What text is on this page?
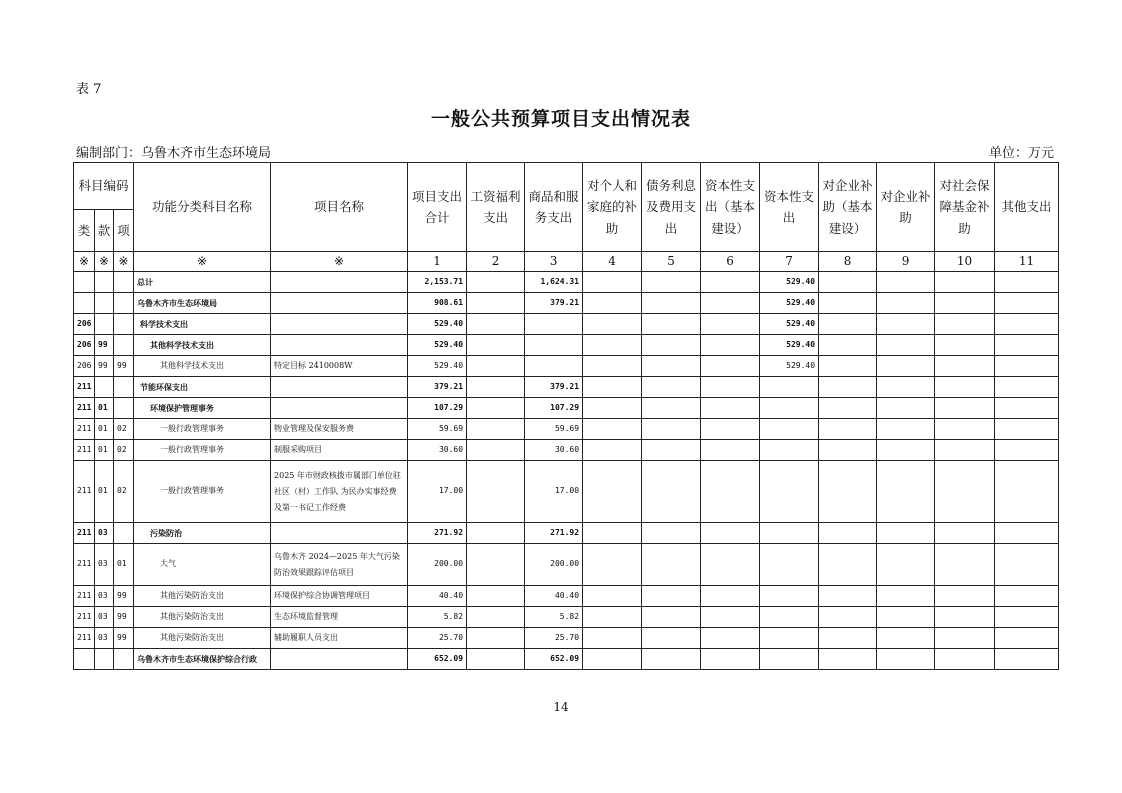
表 7
一般公共预算项目支出情况表
编制部门：乌鲁木齐市生态环境局	单位：万元
科目编码			功能分类科目名称	项目名称	项目支出合计	工资福利支出	商品和服务支出	对个人和家庭的补助	债务利息及费用支出	资本性支出（基本建设）	资本性支出	对企业补助（基本建设）	对企业补助	对社会保障基金补助	其他支出
类	款	项													
※	※	※	※	※	1	2	3	4	5	6	7	8	9	10	11
			总计		2,153.71		1,624.31				529.40				
			乌鲁木齐市生态环境局		908.61		379.21				529.40				
206			科学技术支出		529.40						529.40				
206	99		其他科学技术支出		529.40						529.40				
206	99	99	其他科学技术支出	特定目标 2410008W	529.40						529.40				
211			节能环保支出		379.21		379.21								
211	01		环境保护管理事务		107.29		107.29								
211	01	02	一般行政管理事务	物业管理及保安服务费	59.69		59.69								
211	01	02	一般行政管理事务	制服采购项目	30.60		30.60								
211	01	02	一般行政管理事务	2025 年市财政核拨市属部门单位驻社区（村）工作队 为民办实事经费及第一书记工作经费	17.00		17.00								
211	03		污染防治		271.92		271.92								
211	03	01	大气	乌鲁木齐 2024—2025 年大气污染防治效果跟踪评估项目	200.00		200.00								
211	03	99	其他污染防治支出	环境保护综合协调管理项目	40.40		40.40								
211	03	99	其他污染防治支出	生态环境监督管理	5.82		5.82								
211	03	99	其他污染防治支出	辅助履职人员支出	25.70		25.70								
			乌鲁木齐市生态环境保护综合行政		652.09		652.09								
14
